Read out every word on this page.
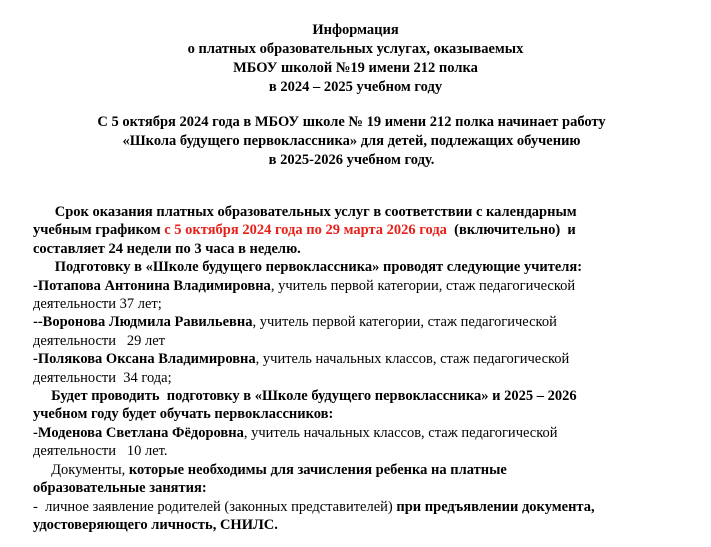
Информация
о платных образовательных услугах, оказываемых
МБОУ школой №19 имени 212 полка
в 2024 – 2025 учебном году
С 5 октября 2024 года в МБОУ школе № 19 имени 212 полка начинает работу
«Школа будущего первоклассника» для детей, подлежащих обучению
в 2025-2026 учебном году.
Срок оказания платных образовательных услуг в соответствии с календарным
учебным графиком с 5 октября 2024 года по 29 марта 2026 года  (включительно)  и
составляет 24 недели по 3 часа в неделю.
Подготовку в «Школе будущего первоклассника» проводят следующие учителя:
-Потапова Антонина Владимировна, учитель первой категории, стаж педагогической
деятельности 37 лет;
--Воронова Людмила Равильевна, учитель первой категории, стаж педагогической
деятельности   29 лет
-Полякова Оксана Владимировна, учитель начальных классов, стаж педагогической
деятельности  34 года;
Будет проводить  подготовку в «Школе будущего первоклассника» и 2025 – 2026
учебном году будет обучать первоклассников:
-Моденова Светлана Фёдоровна, учитель начальных классов, стаж педагогической
деятельности   10 лет.
Документы, которые необходимы для зачисления ребенка на платные
образовательные занятия:
-  личное заявление родителей (законных представителей) при предъявлении документа,
удостоверяющего личность, СНИЛС.
